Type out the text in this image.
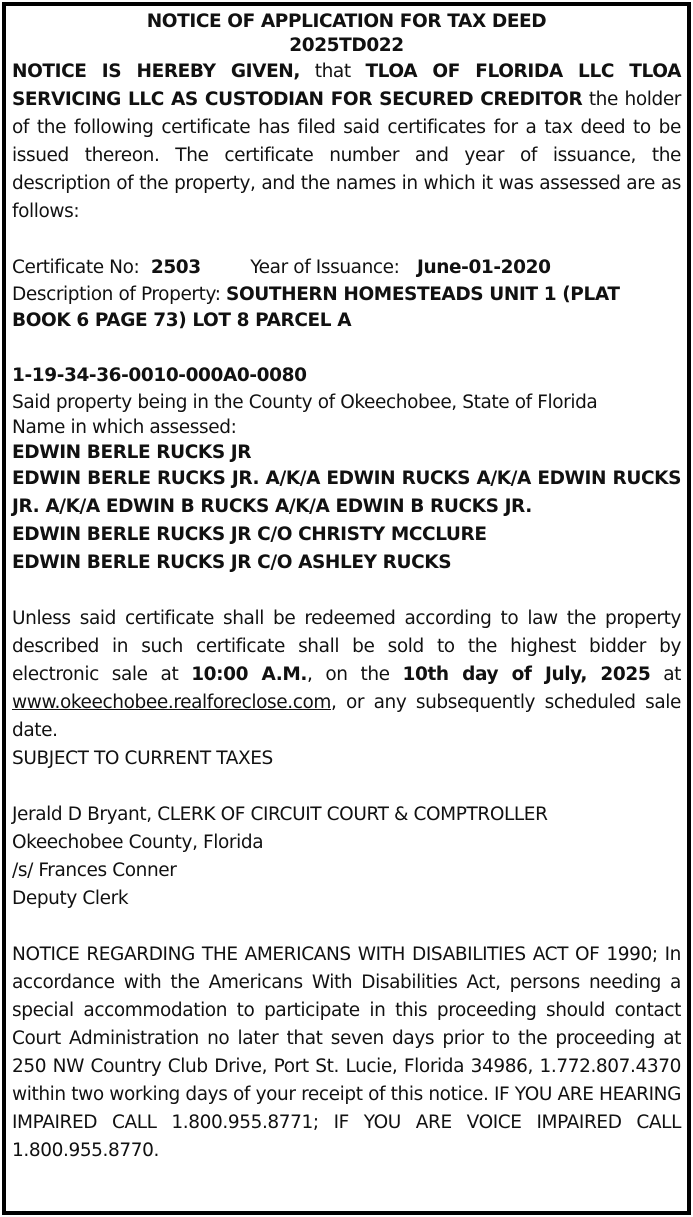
NOTICE OF APPLICATION FOR TAX DEED
2025TD022
NOTICE IS HEREBY GIVEN, that TLOA OF FLORIDA LLC TLOA SERVICING LLC AS CUSTODIAN FOR SECURED CREDITOR the holder of the following certificate has filed said certificates for a tax deed to be issued thereon. The certificate number and year of issuance, the description of the property, and the names in which it was assessed are as follows:
Certificate No: 2503	Year of Issuance: June-01-2020
Description of Property: SOUTHERN HOMESTEADS UNIT 1 (PLAT BOOK 6 PAGE 73) LOT 8 PARCEL A
1-19-34-36-0010-000A0-0080
Said property being in the County of Okeechobee, State of Florida
Name in which assessed:
EDWIN BERLE RUCKS JR
EDWIN BERLE RUCKS JR. A/K/A EDWIN RUCKS A/K/A EDWIN RUCKS JR. A/K/A EDWIN B RUCKS A/K/A EDWIN B RUCKS JR.
EDWIN BERLE RUCKS JR C/O CHRISTY MCCLURE
EDWIN BERLE RUCKS JR C/O ASHLEY RUCKS
Unless said certificate shall be redeemed according to law the property described in such certificate shall be sold to the highest bidder by electronic sale at 10:00 A.M., on the 10th day of July, 2025 at www.okeechobee.realforeclose.com, or any subsequently scheduled sale date.
SUBJECT TO CURRENT TAXES
Jerald D Bryant, CLERK OF CIRCUIT COURT & COMPTROLLER
Okeechobee County, Florida
/s/ Frances Conner
Deputy Clerk
NOTICE REGARDING THE AMERICANS WITH DISABILITIES ACT OF 1990; In accordance with the Americans With Disabilities Act, persons needing a special accommodation to participate in this proceeding should contact Court Administration no later that seven days prior to the proceeding at 250 NW Country Club Drive, Port St. Lucie, Florida 34986, 1.772.807.4370 within two working days of your receipt of this notice. IF YOU ARE HEARING IMPAIRED CALL 1.800.955.8771; IF YOU ARE VOICE IMPAIRED CALL 1.800.955.8770.
